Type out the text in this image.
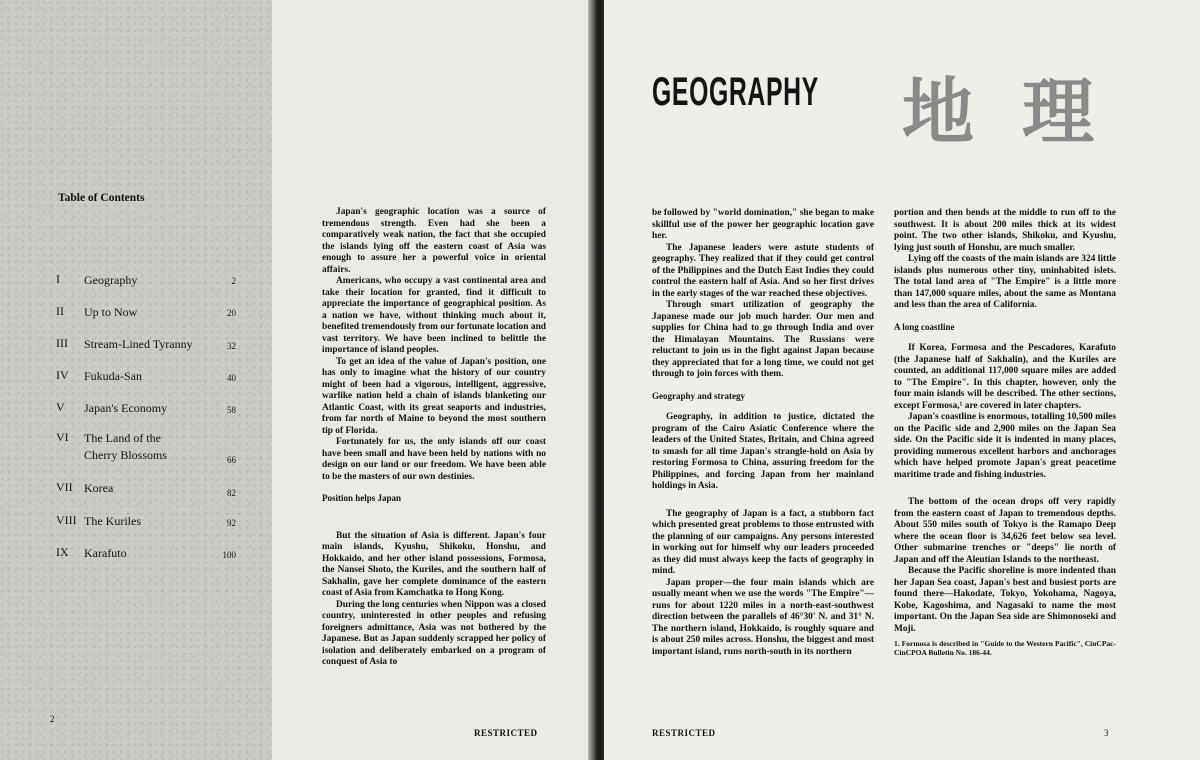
Table of Contents
I Geography	2
II Up to Now	20
III Stream-Lined Tyranny	32
IV Fukuda-San	40
V Japan's Economy	58
VI The Land of the Cherry Blossoms	66
VII Korea	82
VIII The Kuriles	92
IX Karafuto	100
2

Japan's geographic location was a source of tremendous strength. Even had she been a comparatively weak nation, the fact that she occupied the islands lying off the eastern coast of Asia was enough to assure her a powerful voice in oriental affairs.

Americans, who occupy a vast continental area and take their location for granted, find it difficult to appreciate the importance of geographical position. As a nation we have, without thinking much about it, benefited tremendously from our fortunate location and vast territory. We have been inclined to belittle the importance of island peoples.

To get an idea of the value of Japan's position, one has only to imagine what the history of our country might of been had a vigorous, intelligent, aggressive, warlike nation held a chain of islands blanketing our Atlantic Coast, with its great seaports and industries, from far north of Maine to beyond the most southern tip of Florida.

Fortunately for us, the only islands off our coast have been small and have been held by nations with no design on our land or our freedom. We have been able to be the masters of our own destinies.

Position helps Japan

But the situation of Asia is different. Japan's four main islands, Kyushu, Shikoku, Honshu, and Hokkaido, and her other island possessions, Formosa, the Nansei Shoto, the Kuriles, and the southern half of Sakhalin, gave her complete dominance of the eastern coast of Asia from Kamchatka to Hong Kong.

During the long centuries when Nippon was a closed country, uninterested in other peoples and refusing foreigners admittance, Asia was not bothered by the Japanese. But as Japan suddenly scrapped her policy of isolation and deliberately embarked on a program of conquest of Asia to

RESTRICTED
GEOGRAPHY 地 理

be followed by "world domination," she began to make skillful use of the power her geographic location gave her.

The Japanese leaders were astute students of geography. They realized that if they could get control of the Philippines and the Dutch East Indies they could control the eastern half of Asia. And so her first drives in the early stages of the war reached these objectives.

Through smart utilization of geography the Japanese made our job much harder. Our men and supplies for China had to go through India and over the Himalayan Mountains. The Russians were reluctant to join us in the fight against Japan because they appreciated that for a long time, we could not get through to join forces with them.

Geography and strategy

Geography, in addition to justice, dictated the program of the Cairo Asiatic Conference where the leaders of the United States, Britain, and China agreed to smash for all time Japan's strangle-hold on Asia by restoring Formosa to China, assuring freedom for the Philippines, and forcing Japan from her mainland holdings in Asia.

The geography of Japan is a fact, a stubborn fact which presented great problems to those entrusted with the planning of our campaigns. Any persons interested in working out for himself why our leaders proceeded as they did must always keep the facts of geography in mind.

Japan proper—the four main islands which are usually meant when we use the words "The Empire"—runs for about 1220 miles in a north-east-southwest direction between the parallels of 46°30' N. and 31° N. The northern island, Hokkaido, is roughly square and is about 250 miles across. Honshu, the biggest and most important island, runs north-south in its northern

portion and then bends at the middle to run off to the southwest. It is about 200 miles thick at its widest point. The two other islands, Shikoku, and Kyushu, lying just south of Honshu, are much smaller.

Lying off the coasts of the main islands are 324 little islands plus numerous other tiny, uninhabited islets. The total land area of "The Empire" is a little more than 147,000 square miles, about the same as Montana and less than the area of California.

A long coastline

If Korea, Formosa and the Pescadores, Karafuto (the Japanese half of Sakhalin), and the Kuriles are counted, an additional 117,000 square miles are added to "The Empire". In this chapter, however, only the four main islands will be described. The other sections, except Formosa,¹ are covered in later chapters.

Japan's coastline is enormous, totalling 10,500 miles on the Pacific side and 2,900 miles on the Japan Sea side. On the Pacific side it is indented in many places, providing numerous excellent harbors and anchorages which have helped promote Japan's great peacetime maritime trade and fishing industries.

The bottom of the ocean drops off very rapidly from the eastern coast of Japan to tremendous depths. About 550 miles south of Tokyo is the Ramapo Deep where the ocean floor is 34,626 feet below sea level. Other submarine trenches or "deeps" lie north of Japan and off the Aleutian Islands to the northeast.

Because the Pacific shoreline is more indented than her Japan Sea coast, Japan's best and busiest ports are found there—Hakodate, Tokyo, Yokohama, Nagoya, Kobe, Kagoshima, and Nagasaki to name the most important. On the Japan Sea side are Shimonoseki and Moji.

1. Formosa is described in "Guide to the Western Pacific", CinCPac-CinCPOA Bulletin No. 186-44.
RESTRICTED	3
